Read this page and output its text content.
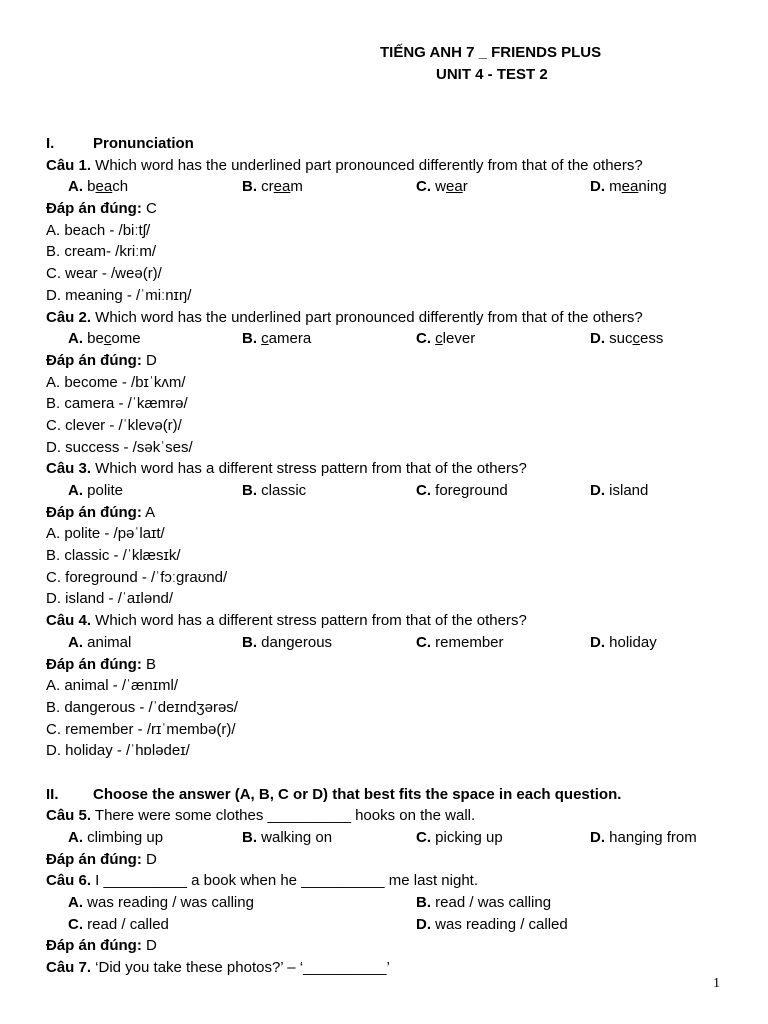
TIẾNG ANH 7 _ FRIENDS PLUS
UNIT 4 - TEST 2
I.	Pronunciation
Câu 1. Which word has the underlined part pronounced differently from that of the others?
A. beach	B. cream	C. wear	D. meaning
Đáp án đúng: C
A. beach - /biːtʃ/
B. cream- /kriːm/
C. wear - /weə(r)/
D. meaning - /ˈmiːnɪŋ/
Câu 2. Which word has the underlined part pronounced differently from that of the others?
A. become	B. camera	C. clever	D. success
Đáp án đúng: D
A. become - /bɪˈkʌm/
B. camera - /ˈkæmrə/
C. clever - /ˈklevə(r)/
D. success - /səkˈses/
Câu 3. Which word has a different stress pattern from that of the others?
A. polite	B. classic	C. foreground	D. island
Đáp án đúng: A
A. polite - /pəˈlaɪt/
B. classic - /ˈklæsɪk/
C. foreground - /ˈfɔːɡraʊnd/
D. island - /ˈaɪlənd/
Câu 4. Which word has a different stress pattern from that of the others?
A. animal	B. dangerous	C. remember	D. holiday
Đáp án đúng: B
A. animal - /ˈænɪml/
B. dangerous - /ˈdeɪndʒərəs/
C. remember - /rɪˈmembə(r)/
D. holiday - /ˈhɒlədeɪ/
II.	Choose the answer (A, B, C or D) that best fits the space in each question.
Câu 5. There were some clothes __________ hooks on the wall.
A. climbing up	B. walking on	C. picking up	D. hanging from
Đáp án đúng: D
Câu 6. I __________ a book when he __________ me last night.
A. was reading / was calling	B. read / was calling
C. read / called	D. was reading / called
Đáp án đúng: D
Câu 7. ‘Did you take these photos?’ – ‘__________’
1
